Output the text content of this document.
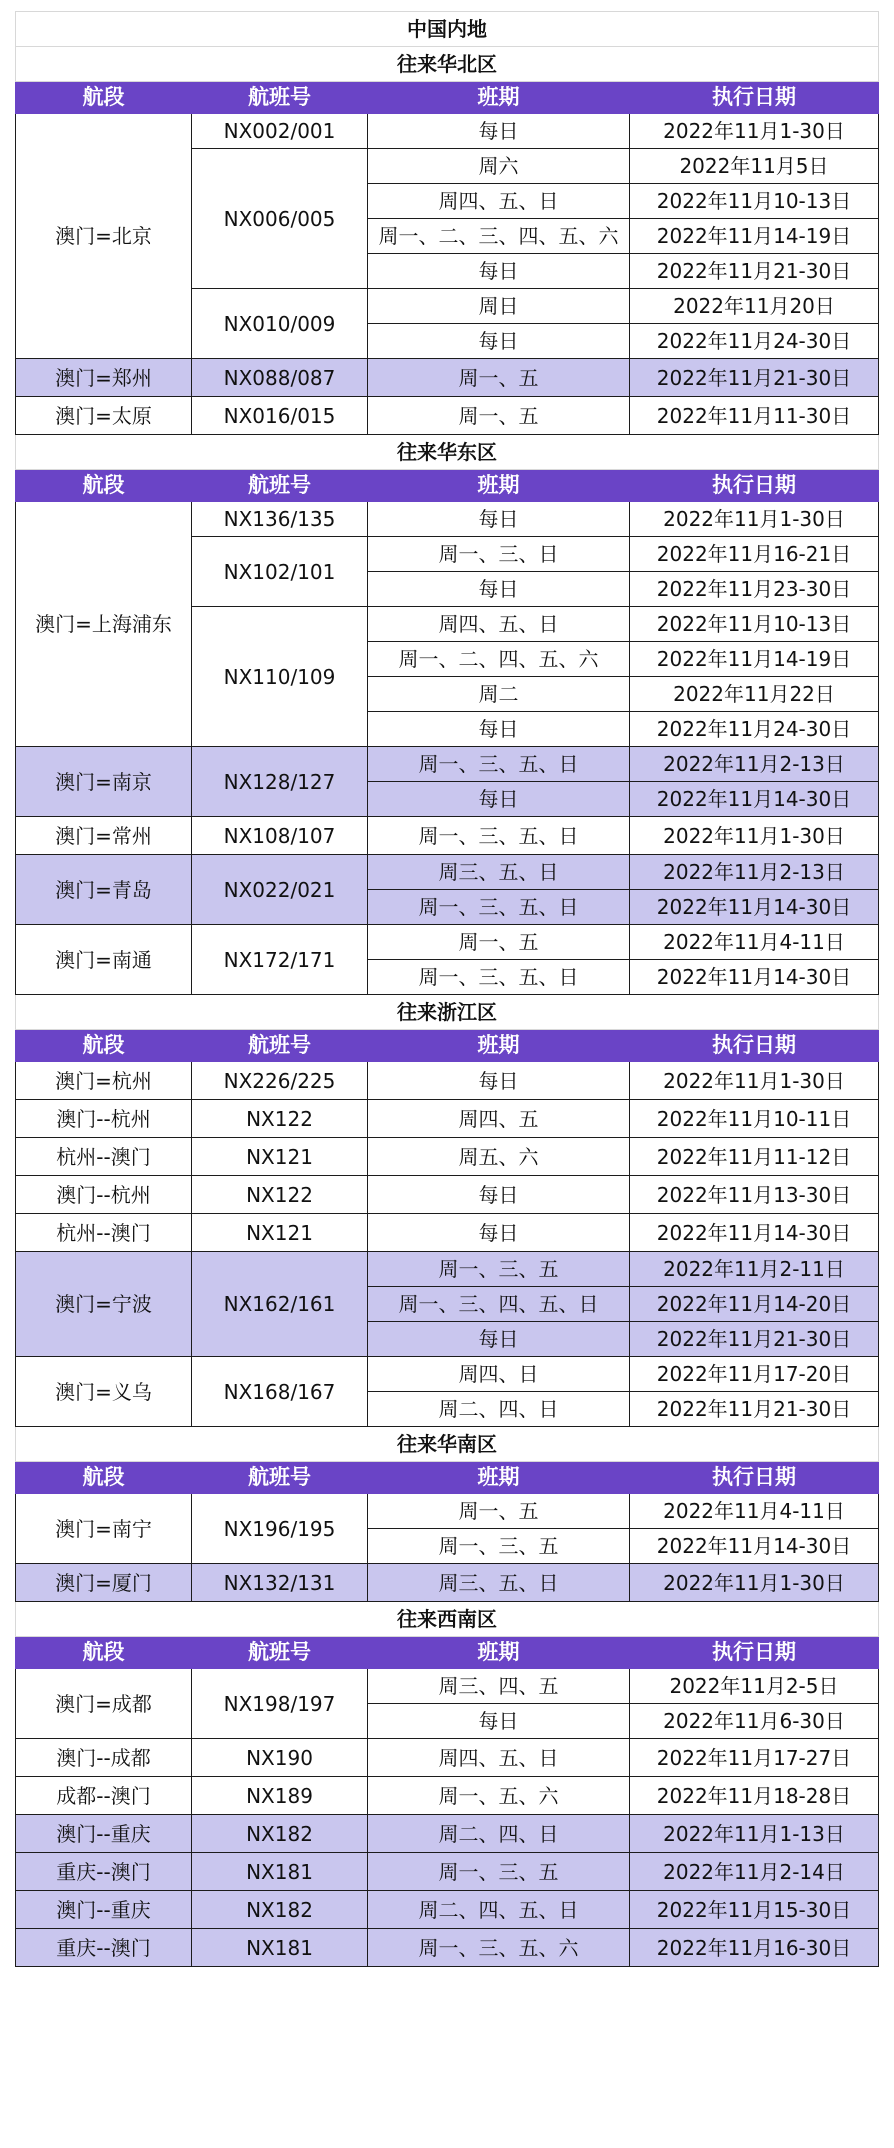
中国内地			
往来华北区			
航段	航班号	班期	执行日期
澳门=北京	NX002/001	每日	2022年11月1-30日
	NX006/005	周六	2022年11月5日
		周四、五、日	2022年11月10-13日
		周一、二、三、四、五、六	2022年11月14-19日
		每日	2022年11月21-30日
	NX010/009	周日	2022年11月20日
		每日	2022年11月24-30日
澳门=郑州	NX088/087	周一、五	2022年11月21-30日
澳门=太原	NX016/015	周一、五	2022年11月11-30日
往来华东区			
航段	航班号	班期	执行日期
澳门=上海浦东	NX136/135	每日	2022年11月1-30日
	NX102/101	周一、三、日	2022年11月16-21日
		每日	2022年11月23-30日
	NX110/109	周四、五、日	2022年11月10-13日
		周一、二、四、五、六	2022年11月14-19日
		周二	2022年11月22日
		每日	2022年11月24-30日
澳门=南京	NX128/127	周一、三、五、日	2022年11月2-13日
		每日	2022年11月14-30日
澳门=常州	NX108/107	周一、三、五、日	2022年11月1-30日
澳门=青岛	NX022/021	周三、五、日	2022年11月2-13日
		周一、三、五、日	2022年11月14-30日
澳门=南通	NX172/171	周一、五	2022年11月4-11日
		周一、三、五、日	2022年11月14-30日
往来浙江区			
航段	航班号	班期	执行日期
澳门=杭州	NX226/225	每日	2022年11月1-30日
澳门--杭州	NX122	周四、五	2022年11月10-11日
杭州--澳门	NX121	周五、六	2022年11月11-12日
澳门--杭州	NX122	每日	2022年11月13-30日
杭州--澳门	NX121	每日	2022年11月14-30日
澳门=宁波	NX162/161	周一、三、五	2022年11月2-11日
		周一、三、四、五、日	2022年11月14-20日
		每日	2022年11月21-30日
澳门=义乌	NX168/167	周四、日	2022年11月17-20日
		周二、四、日	2022年11月21-30日
往来华南区			
航段	航班号	班期	执行日期
澳门=南宁	NX196/195	周一、五	2022年11月4-11日
		周一、三、五	2022年11月14-30日
澳门=厦门	NX132/131	周三、五、日	2022年11月1-30日
往来西南区			
航段	航班号	班期	执行日期
澳门=成都	NX198/197	周三、四、五	2022年11月2-5日
		每日	2022年11月6-30日
澳门--成都	NX190	周四、五、日	2022年11月17-27日
成都--澳门	NX189	周一、五、六	2022年11月18-28日
澳门--重庆	NX182	周二、四、日	2022年11月1-13日
重庆--澳门	NX181	周一、三、五	2022年11月2-14日
澳门--重庆	NX182	周二、四、五、日	2022年11月15-30日
重庆--澳门	NX181	周一、三、五、六	2022年11月16-30日
